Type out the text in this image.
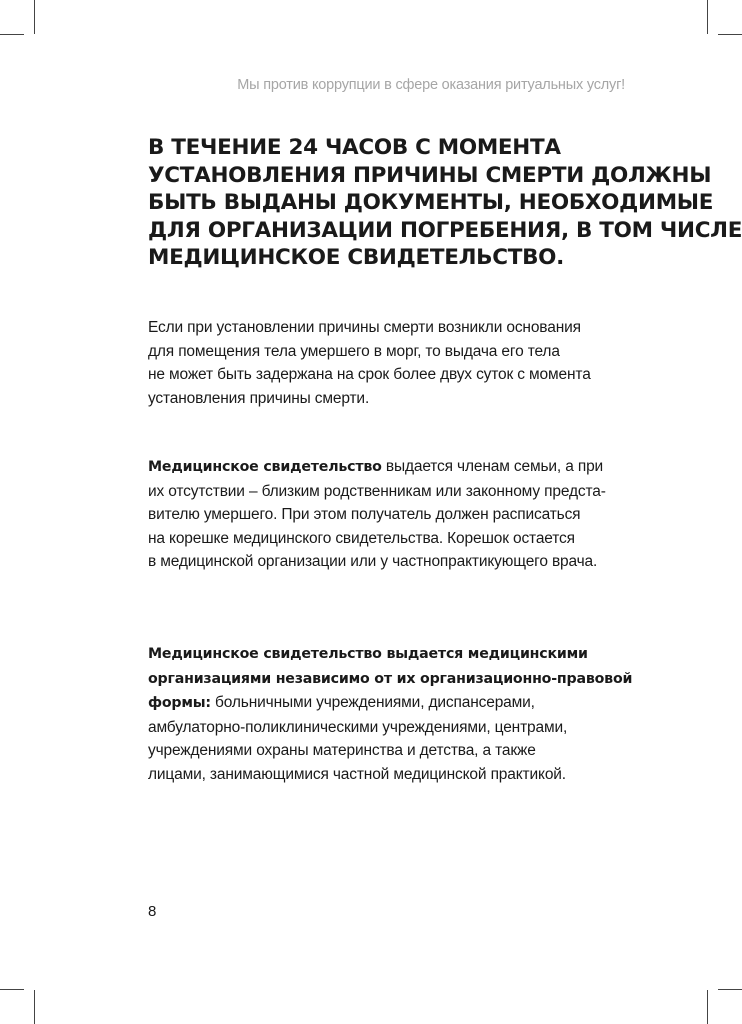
Мы против коррупции в сфере оказания ритуальных услуг!
В ТЕЧЕНИЕ 24 ЧАСОВ С МОМЕНТА
УСТАНОВЛЕНИЯ ПРИЧИНЫ СМЕРТИ ДОЛЖНЫ
БЫТЬ ВЫДАНЫ ДОКУМЕНТЫ, НЕОБХОДИМЫЕ
ДЛЯ ОРГАНИЗАЦИИ ПОГРЕБЕНИЯ, В ТОМ ЧИСЛЕ
МЕДИЦИНСКОЕ СВИДЕТЕЛЬСТВО.

Если при установлении причины смерти возникли основания
для помещения тела умершего в морг, то выдача его тела
не может быть задержана на срок более двух суток с момента
установления причины смерти.

Медицинское свидетельство выдается членам семьи, а при
их отсутствии – близким родственникам или законному предста-
вителю умершего. При этом получатель должен расписаться
на корешке медицинского свидетельства. Корешок остается
в медицинской организации или у частнопрактикующего врача.

Медицинское свидетельство выдается медицинскими
организациями независимо от их организационно-правовой
формы: больничными учреждениями, диспансерами,
амбулаторно-поликлиническими учреждениями, центрами,
учреждениями охраны материнства и детства, а также
лицами, занимающимися частной медицинской практикой.

8
